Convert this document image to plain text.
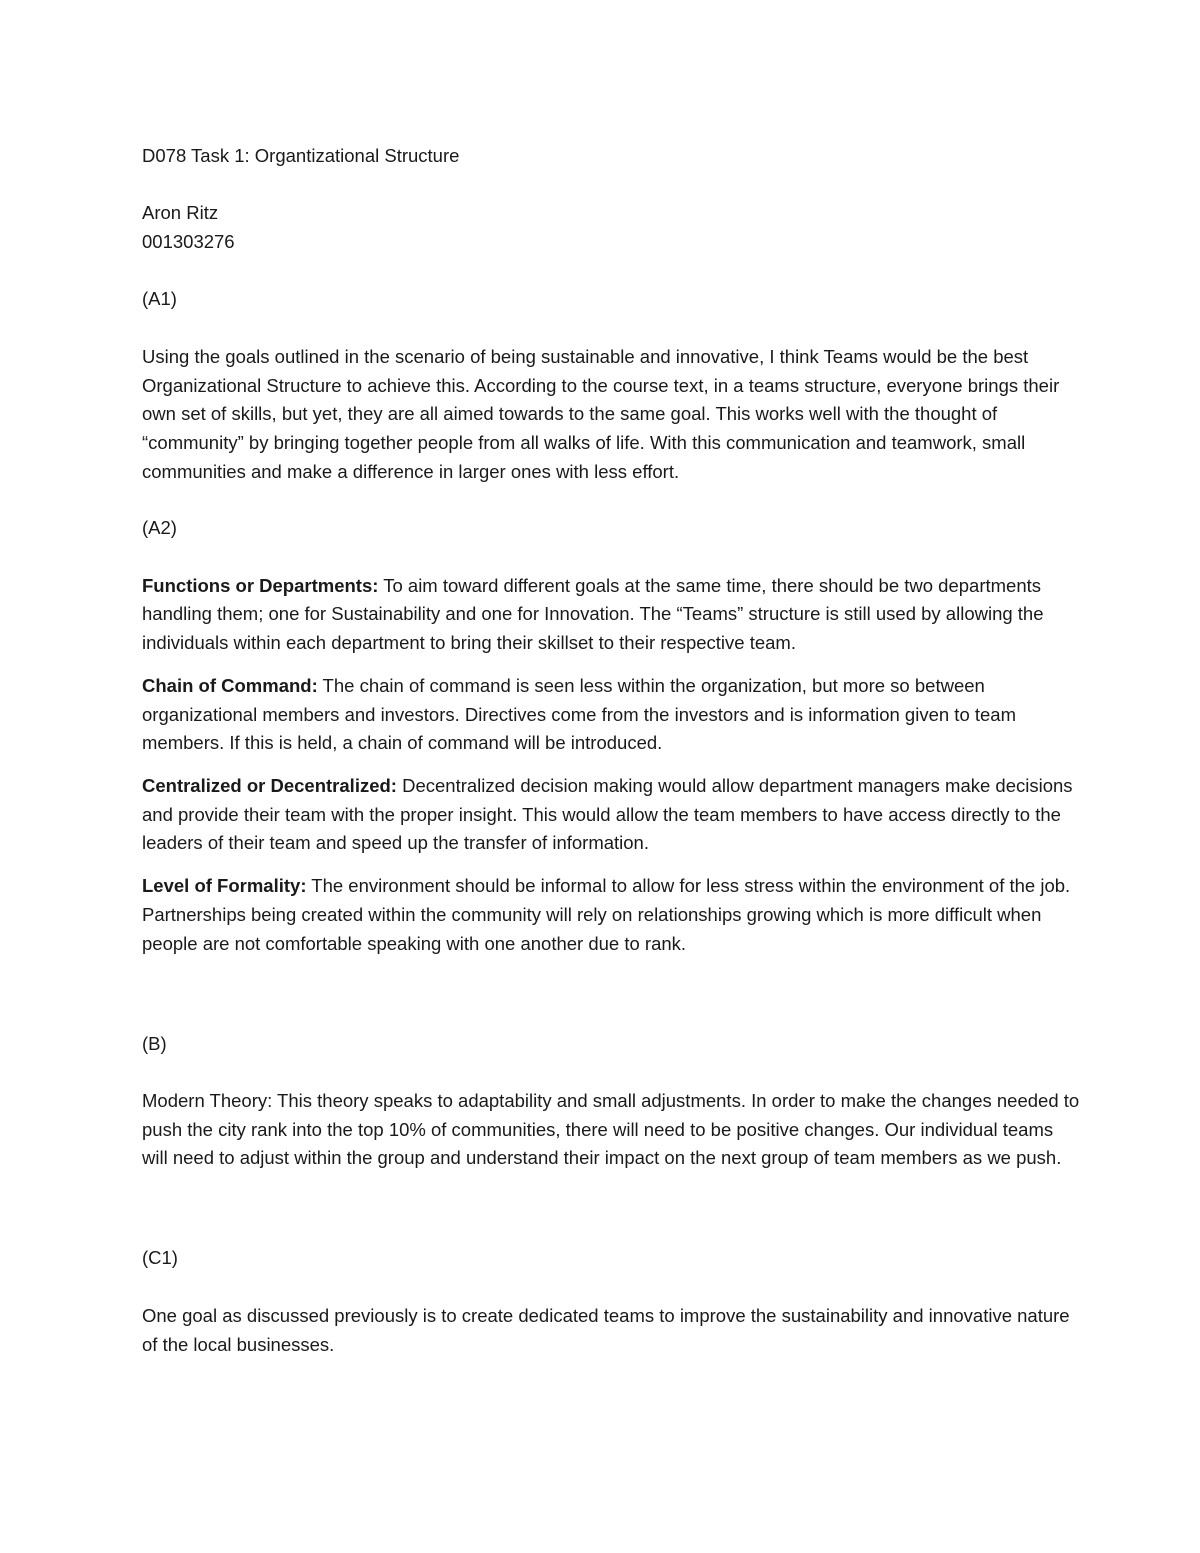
D078 Task 1: Organtizational Structure

Aron Ritz

001303276

(A1)

Using the goals outlined in the scenario of being sustainable and innovative, I think Teams would be the best Organizational Structure to achieve this. According to the course text, in a teams structure, everyone brings their own set of skills, but yet, they are all aimed towards to the same goal. This works well with the thought of “community” by bringing together people from all walks of life. With this communication and teamwork, small communities and make a difference in larger ones with less effort.

(A2)

Functions or Departments: To aim toward different goals at the same time, there should be two departments handling them; one for Sustainability and one for Innovation. The “Teams” structure is still used by allowing the individuals within each department to bring their skillset to their respective team.

Chain of Command: The chain of command is seen less within the organization, but more so between organizational members and investors. Directives come from the investors and is information given to team members. If this is held, a chain of command will be introduced.

Centralized or Decentralized: Decentralized decision making would allow department managers make decisions and provide their team with the proper insight. This would allow the team members to have access directly to the leaders of their team and speed up the transfer of information.

Level of Formality: The environment should be informal to allow for less stress within the environment of the job. Partnerships being created within the community will rely on relationships growing which is more difficult when people are not comfortable speaking with one another due to rank.

(B)

Modern Theory: This theory speaks to adaptability and small adjustments. In order to make the changes needed to push the city rank into the top 10% of communities, there will need to be positive changes. Our individual teams will need to adjust within the group and understand their impact on the next group of team members as we push.

(C1)

One goal as discussed previously is to create dedicated teams to improve the sustainability and innovative nature of the local businesses.
